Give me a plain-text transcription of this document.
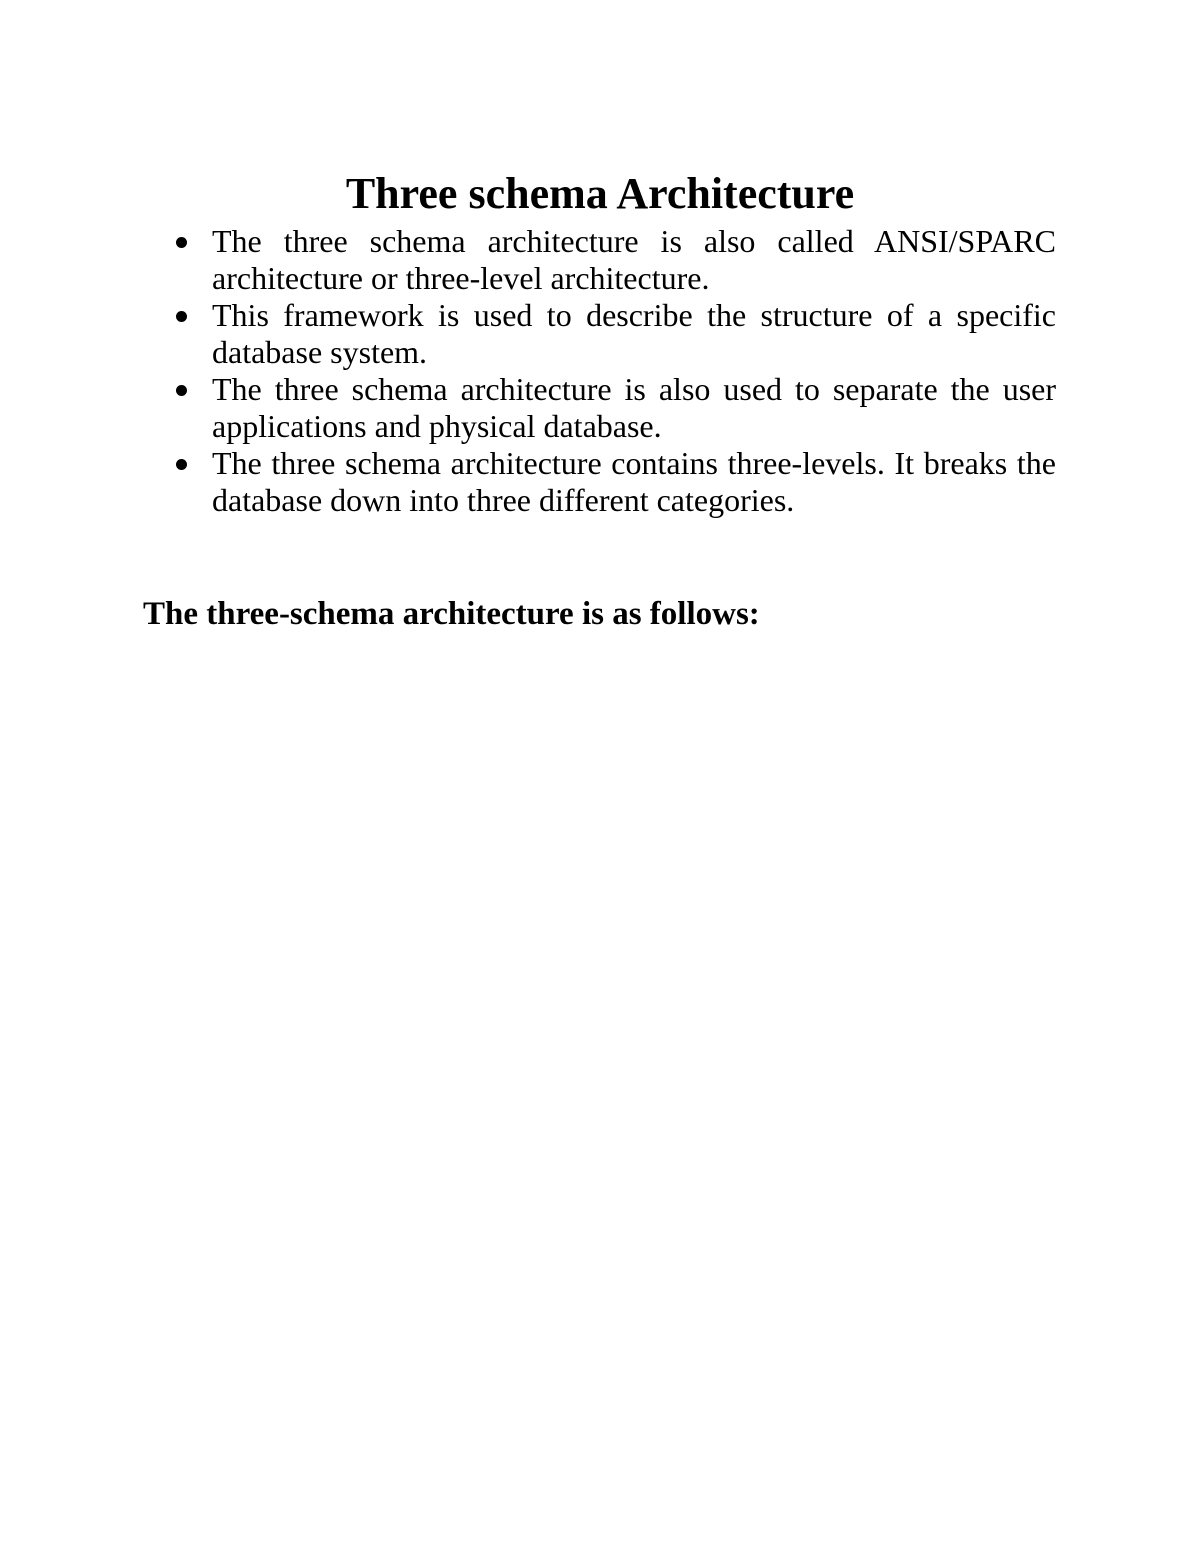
Three schema Architecture
The three schema architecture is also called ANSI/SPARC architecture or three-level architecture.
This framework is used to describe the structure of a specific database system.
The three schema architecture is also used to separate the user applications and physical database.
The three schema architecture contains three-levels. It breaks the database down into three different categories.
The three-schema architecture is as follows:
